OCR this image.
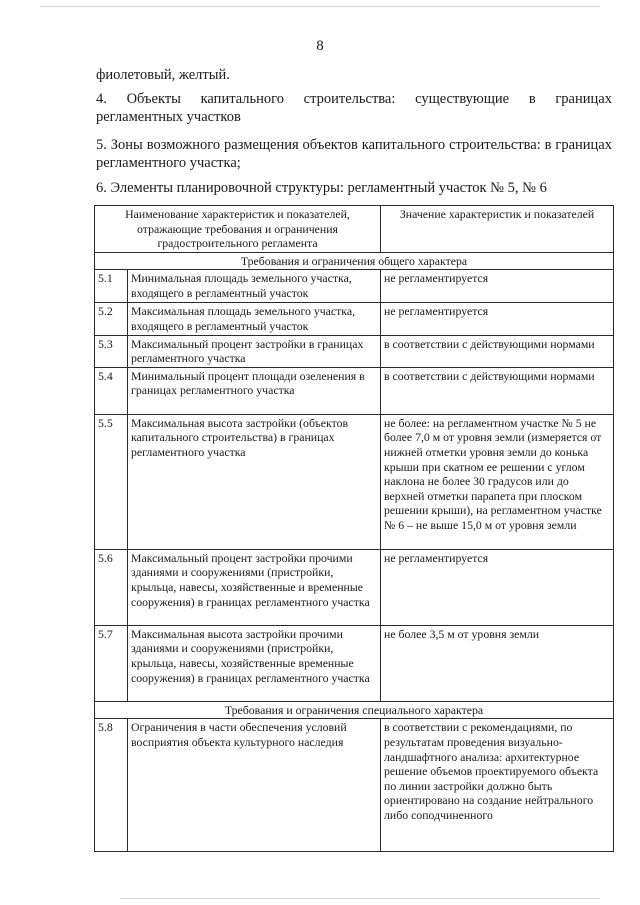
8
фиолетовый, желтый.
4. Объекты капитального строительства: существующие в границах
регламентных участков
5. Зоны возможного размещения объектов капитального строительства: в границах регламентного участка;
6. Элементы планировочной структуры: регламентный участок № 5, № 6
Наименование характеристик и показателей, отражающие требования и ограничения градостроительного регламента		Значение характеристик и показателей
Требования и ограничения общего характера		
5.1	Минимальная площадь земельного участка, входящего в регламентный участок	не регламентируется
5.2	Максимальная площадь земельного участка, входящего в регламентный участок	не регламентируется
5.3	Максимальный процент застройки в границах регламентного участка	в соответствии с действующими нормами
5.4	Минимальный процент площади озеленения в границах регламентного участка	в соответствии с действующими нормами
5.5	Максимальная высота застройки (объектов капитального строительства) в границах регламентного участка	не более: на регламентном участке № 5 не более 7,0 м от уровня земли (измеряется от нижней отметки уровня земли до конька крыши при скатном ее решении с углом наклона не более 30 градусов или до верхней отметки парапета при плоском решении крыши), на регламентном участке № 6 – не выше 15,0 м от уровня земли
5.6	Максимальный процент застройки прочими зданиями и сооружениями (пристройки, крыльца, навесы, хозяйственные и временные сооружения) в границах регламентного участка	не регламентируется
5.7	Максимальная высота застройки прочими зданиями и сооружениями (пристройки, крыльца, навесы, хозяйственные временные сооружения) в границах регламентного участка	не более 3,5 м от уровня земли
Требования и ограничения специального характера		
5.8	Ограничения в части обеспечения условий восприятия объекта культурного наследия	в соответствии с рекомендациями, по результатам проведения визуально-ландшафтного анализа: архитектурное решение объемов проектируемого объекта по линии застройки должно быть ориентировано на создание нейтрального либо соподчиненного
